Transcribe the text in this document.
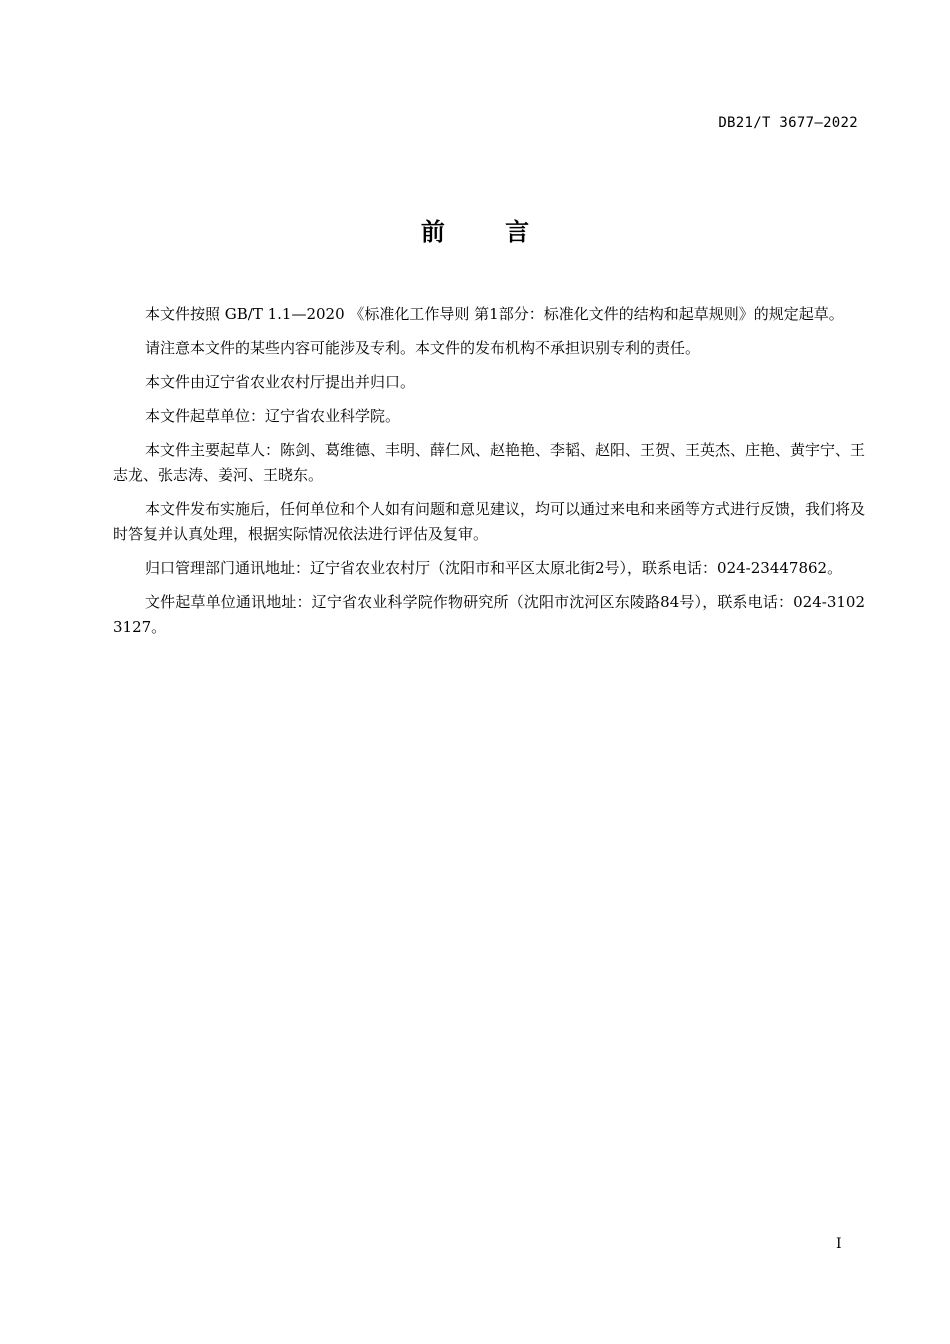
DB21/T 3677—2022
前 言

本文件按照 GB/T 1.1—2020 《标准化工作导则 第1部分：标准化文件的结构和起草规则》的规定起草。

请注意本文件的某些内容可能涉及专利。本文件的发布机构不承担识别专利的责任。

本文件由辽宁省农业农村厅提出并归口。

本文件起草单位：辽宁省农业科学院。

本文件主要起草人：陈剑、葛维德、丰明、薛仁风、赵艳艳、李韬、赵阳、王贺、王英杰、庄艳、黄宇宁、王志龙、张志涛、姜河、王晓东。

本文件发布实施后，任何单位和个人如有问题和意见建议，均可以通过来电和来函等方式进行反馈，我们将及时答复并认真处理，根据实际情况依法进行评估及复审。

归口管理部门通讯地址：辽宁省农业农村厅（沈阳市和平区太原北街2号），联系电话：024-23447862。

文件起草单位通讯地址：辽宁省农业科学院作物研究所（沈阳市沈河区东陵路84号），联系电话：024-31023127。

I
